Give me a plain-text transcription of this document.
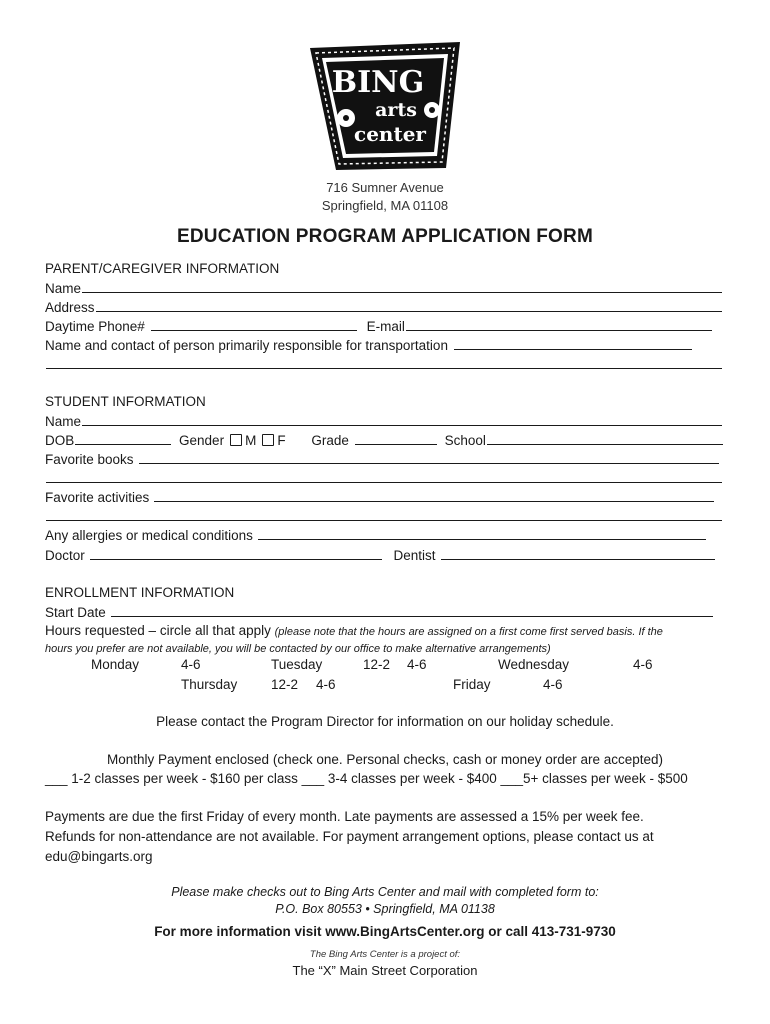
BING
arts
center
716 Sumner Avenue
Springfield, MA 01108
EDUCATION PROGRAM APPLICATION FORM
PARENT/CAREGIVER INFORMATION
Name
Address
Daytime Phone#	E-mail
Name and contact of person primarily responsible for transportation
STUDENT INFORMATION
Name
DOB	Gender M F Grade	School
Favorite books
Favorite activities
Any allergies or medical conditions
Doctor	Dentist
ENROLLMENT INFORMATION
Start Date
Hours requested – circle all that apply (please note that the hours are assigned on a first come first served basis. If the
hours you prefer are not available, you will be contacted by our office to make alternative arrangements)
Monday	4-6	Tuesday	12-2 4-6	Wednesday	4-6
Thursday 12-2 4-6	Friday	4-6
Please contact the Program Director for information on our holiday schedule.
Monthly Payment enclosed (check one. Personal checks, cash or money order are accepted)
___ 1-2 classes per week - $160 per class ___ 3-4 classes per week - $400 ___5+ classes per week - $500
Payments are due the first Friday of every month. Late payments are assessed a 15% per week fee.
Refunds for non-attendance are not available. For payment arrangement options, please contact us at
edu@bingarts.org
Please make checks out to Bing Arts Center and mail with completed form to:
P.O. Box 80553 • Springfield, MA 01138
For more information visit www.BingArtsCenter.org or call 413-731-9730
The Bing Arts Center is a project of:
The “X” Main Street Corporation
